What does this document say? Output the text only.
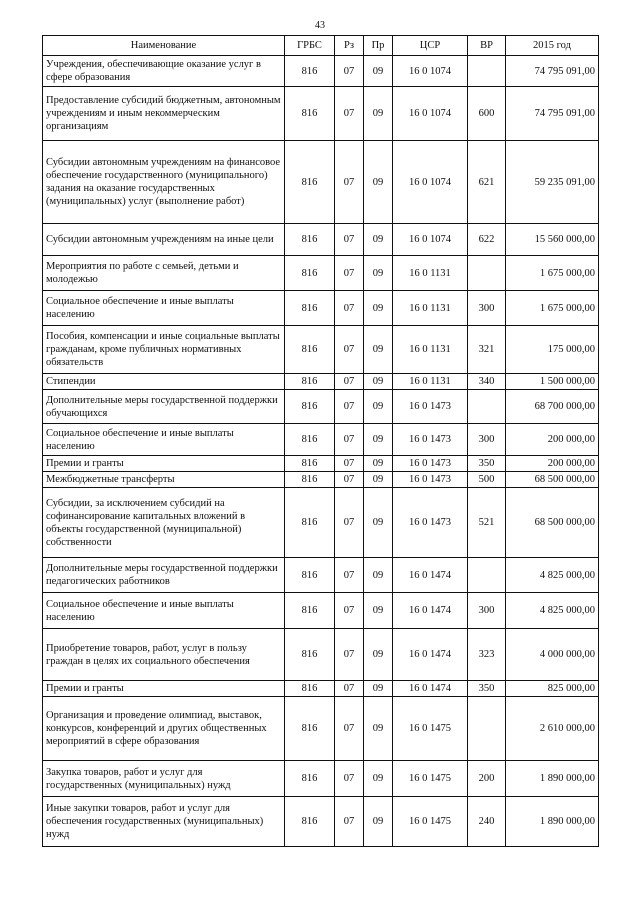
43
Наименование	ГРБС	Рз	Пр	ЦСР	ВР	2015 год
Учреждения, обеспечивающие оказание услуг в сфере образования	816	07	09	16 0 1074		74 795 091,00
Предоставление субсидий бюджетным, автономным учреждениям и иным некоммерческим организациям	816	07	09	16 0 1074	600	74 795 091,00
Субсидии автономным учреждениям на финансовое обеспечение государственного (муниципального) задания на оказание государственных (муниципальных) услуг (выполнение работ)	816	07	09	16 0 1074	621	59 235 091,00
Субсидии автономным учреждениям на иные цели	816	07	09	16 0 1074	622	15 560 000,00
Мероприятия по работе с семьей, детьми и молодежью	816	07	09	16 0 1131		1 675 000,00
Социальное обеспечение и иные выплаты населению	816	07	09	16 0 1131	300	1 675 000,00
Пособия, компенсации и иные социальные выплаты гражданам, кроме публичных нормативных обязательств	816	07	09	16 0 1131	321	175 000,00
Стипендии	816	07	09	16 0 1131	340	1 500 000,00
Дополнительные меры государственной поддержки обучающихся	816	07	09	16 0 1473		68 700 000,00
Социальное обеспечение и иные выплаты населению	816	07	09	16 0 1473	300	200 000,00
Премии и гранты	816	07	09	16 0 1473	350	200 000,00
Межбюджетные трансферты	816	07	09	16 0 1473	500	68 500 000,00
Субсидии, за исключением субсидий на софинансирование капитальных вложений в объекты государственной (муниципальной) собственности	816	07	09	16 0 1473	521	68 500 000,00
Дополнительные меры государственной поддержки педагогических работников	816	07	09	16 0 1474		4 825 000,00
Социальное обеспечение и иные выплаты населению	816	07	09	16 0 1474	300	4 825 000,00
Приобретение товаров, работ, услуг в пользу граждан в целях их социального обеспечения	816	07	09	16 0 1474	323	4 000 000,00
Премии и гранты	816	07	09	16 0 1474	350	825 000,00
Организация и проведение олимпиад, выставок, конкурсов, конференций и других общественных мероприятий в сфере образования	816	07	09	16 0 1475		2 610 000,00
Закупка товаров, работ и услуг для государственных (муниципальных) нужд	816	07	09	16 0 1475	200	1 890 000,00
Иные закупки товаров, работ и услуг для обеспечения государственных (муниципальных) нужд	816	07	09	16 0 1475	240	1 890 000,00
